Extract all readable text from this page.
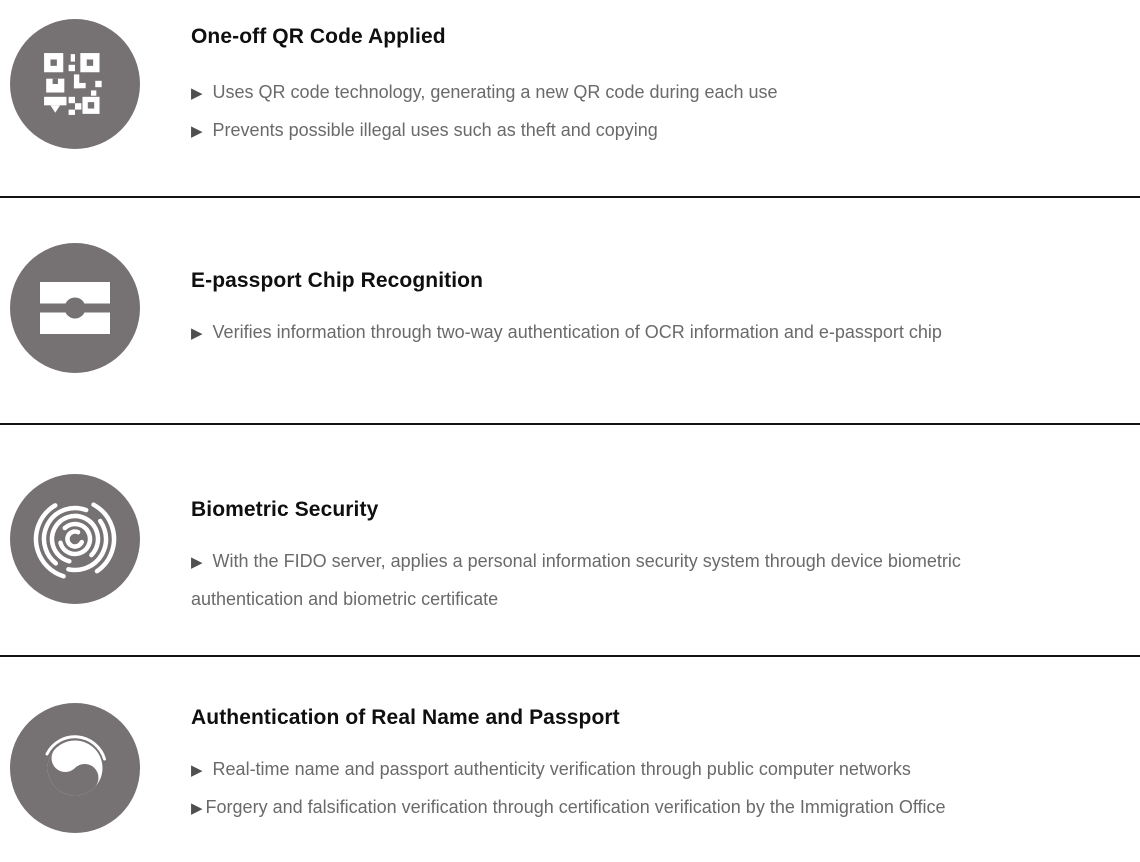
One-off QR Code Applied

▶ Uses QR code technology, generating a new QR code during each use

▶ Prevents possible illegal uses such as theft and copying

E-passport Chip Recognition

▶ Verifies information through two-way authentication of OCR information and e-passport chip

Biometric Security

▶ With the FIDO server, applies a personal information security system through device biometric authentication and biometric certificate

Authentication of Real Name and Passport

▶ Real-time name and passport authenticity verification through public computer networks

▶ Forgery and falsification verification through certification verification by the Immigration Office
